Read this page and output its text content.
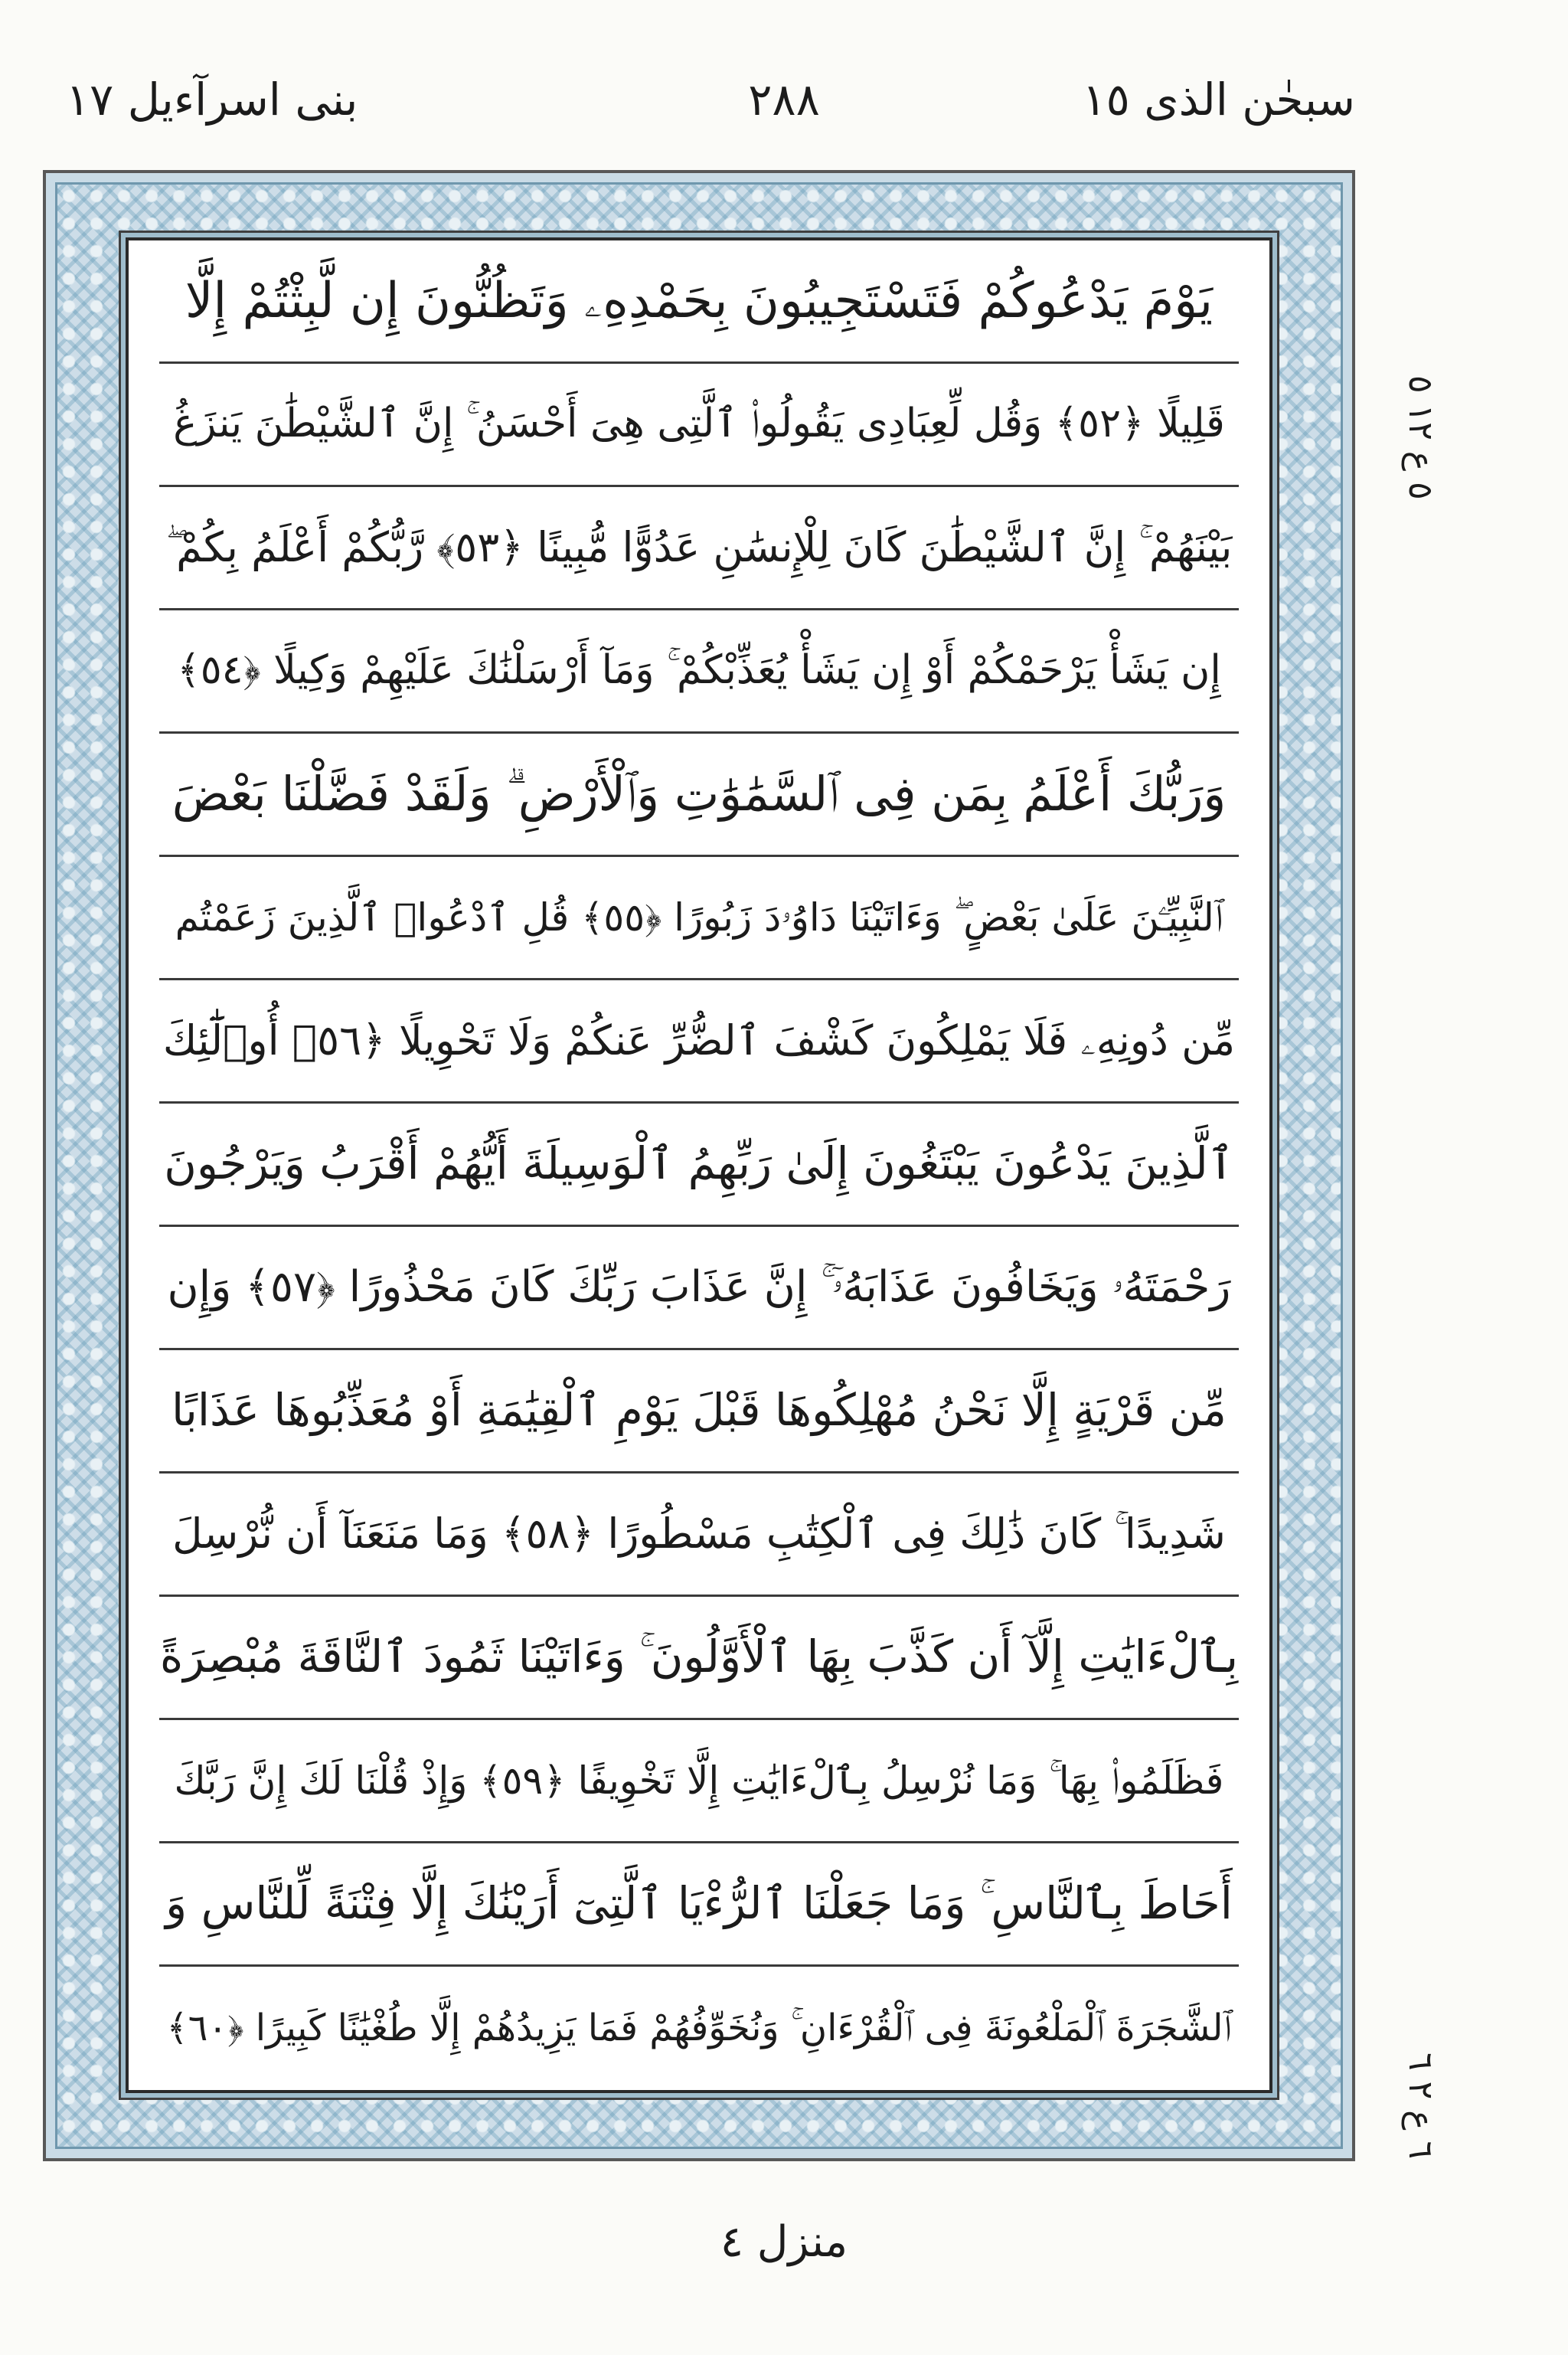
سبحٰن الذی ١٥
٢٨٨
بنی اسرآءیل ١٧
يَوْمَ يَدْعُوكُمْ فَتَسْتَجِيبُونَ بِحَمْدِهِۦ وَتَظُنُّونَ إِن لَّبِثْتُمْ إِلَّا
قَلِيلًا ﴿٥٢﴾ وَقُل لِّعِبَادِى يَقُولُوا۟ ٱلَّتِى هِىَ أَحْسَنُ ۚ إِنَّ ٱلشَّيْطَٰنَ يَنزَغُ
بَيْنَهُمْ ۚ إِنَّ ٱلشَّيْطَٰنَ كَانَ لِلْإِنسَٰنِ عَدُوًّا مُّبِينًا ﴿٥٣﴾ رَّبُّكُمْ أَعْلَمُ بِكُمْ ۖ
إِن يَشَأْ يَرْحَمْكُمْ أَوْ إِن يَشَأْ يُعَذِّبْكُمْ ۚ وَمَآ أَرْسَلْنَٰكَ عَلَيْهِمْ وَكِيلًا ﴿٥٤﴾
وَرَبُّكَ أَعْلَمُ بِمَن فِى ٱلسَّمَٰوَٰتِ وَٱلْأَرْضِ ۗ وَلَقَدْ فَضَّلْنَا بَعْضَ
ٱلنَّبِيِّـۧنَ عَلَىٰ بَعْضٍ ۖ وَءَاتَيْنَا دَاوُۥدَ زَبُورًا ﴿٥٥﴾ قُلِ ٱدْعُوا۟ ٱلَّذِينَ زَعَمْتُم
مِّن دُونِهِۦ فَلَا يَمْلِكُونَ كَشْفَ ٱلضُّرِّ عَنكُمْ وَلَا تَحْوِيلًا ﴿٥٦﴾ أُو۟لَٰٓئِكَ
ٱلَّذِينَ يَدْعُونَ يَبْتَغُونَ إِلَىٰ رَبِّهِمُ ٱلْوَسِيلَةَ أَيُّهُمْ أَقْرَبُ وَيَرْجُونَ
رَحْمَتَهُۥ وَيَخَافُونَ عَذَابَهُۥٓ ۚ إِنَّ عَذَابَ رَبِّكَ كَانَ مَحْذُورًا ﴿٥٧﴾ وَإِن
مِّن قَرْيَةٍ إِلَّا نَحْنُ مُهْلِكُوهَا قَبْلَ يَوْمِ ٱلْقِيَٰمَةِ أَوْ مُعَذِّبُوهَا عَذَابًا
شَدِيدًا ۚ كَانَ ذَٰلِكَ فِى ٱلْكِتَٰبِ مَسْطُورًا ﴿٥٨﴾ وَمَا مَنَعَنَآ أَن نُّرْسِلَ
بِٱلْءَايَٰتِ إِلَّآ أَن كَذَّبَ بِهَا ٱلْأَوَّلُونَ ۚ وَءَاتَيْنَا ثَمُودَ ٱلنَّاقَةَ مُبْصِرَةً
فَظَلَمُوا۟ بِهَا ۚ وَمَا نُرْسِلُ بِٱلْءَايَٰتِ إِلَّا تَخْوِيفًا ﴿٥٩﴾ وَإِذْ قُلْنَا لَكَ إِنَّ رَبَّكَ
أَحَاطَ بِٱلنَّاسِ ۚ وَمَا جَعَلْنَا ٱلرُّءْيَا ٱلَّتِىٓ أَرَيْنَٰكَ إِلَّا فِتْنَةً لِّلنَّاسِ وَ
ٱلشَّجَرَةَ ٱلْمَلْعُونَةَ فِى ٱلْقُرْءَانِ ۚ وَنُخَوِّفُهُمْ فَمَا يَزِيدُهُمْ إِلَّا طُغْيَٰنًا كَبِيرًا ﴿٦٠﴾
٥ ع ١٢ ٥
٦ ع ٢ ٦
منزل ٤
